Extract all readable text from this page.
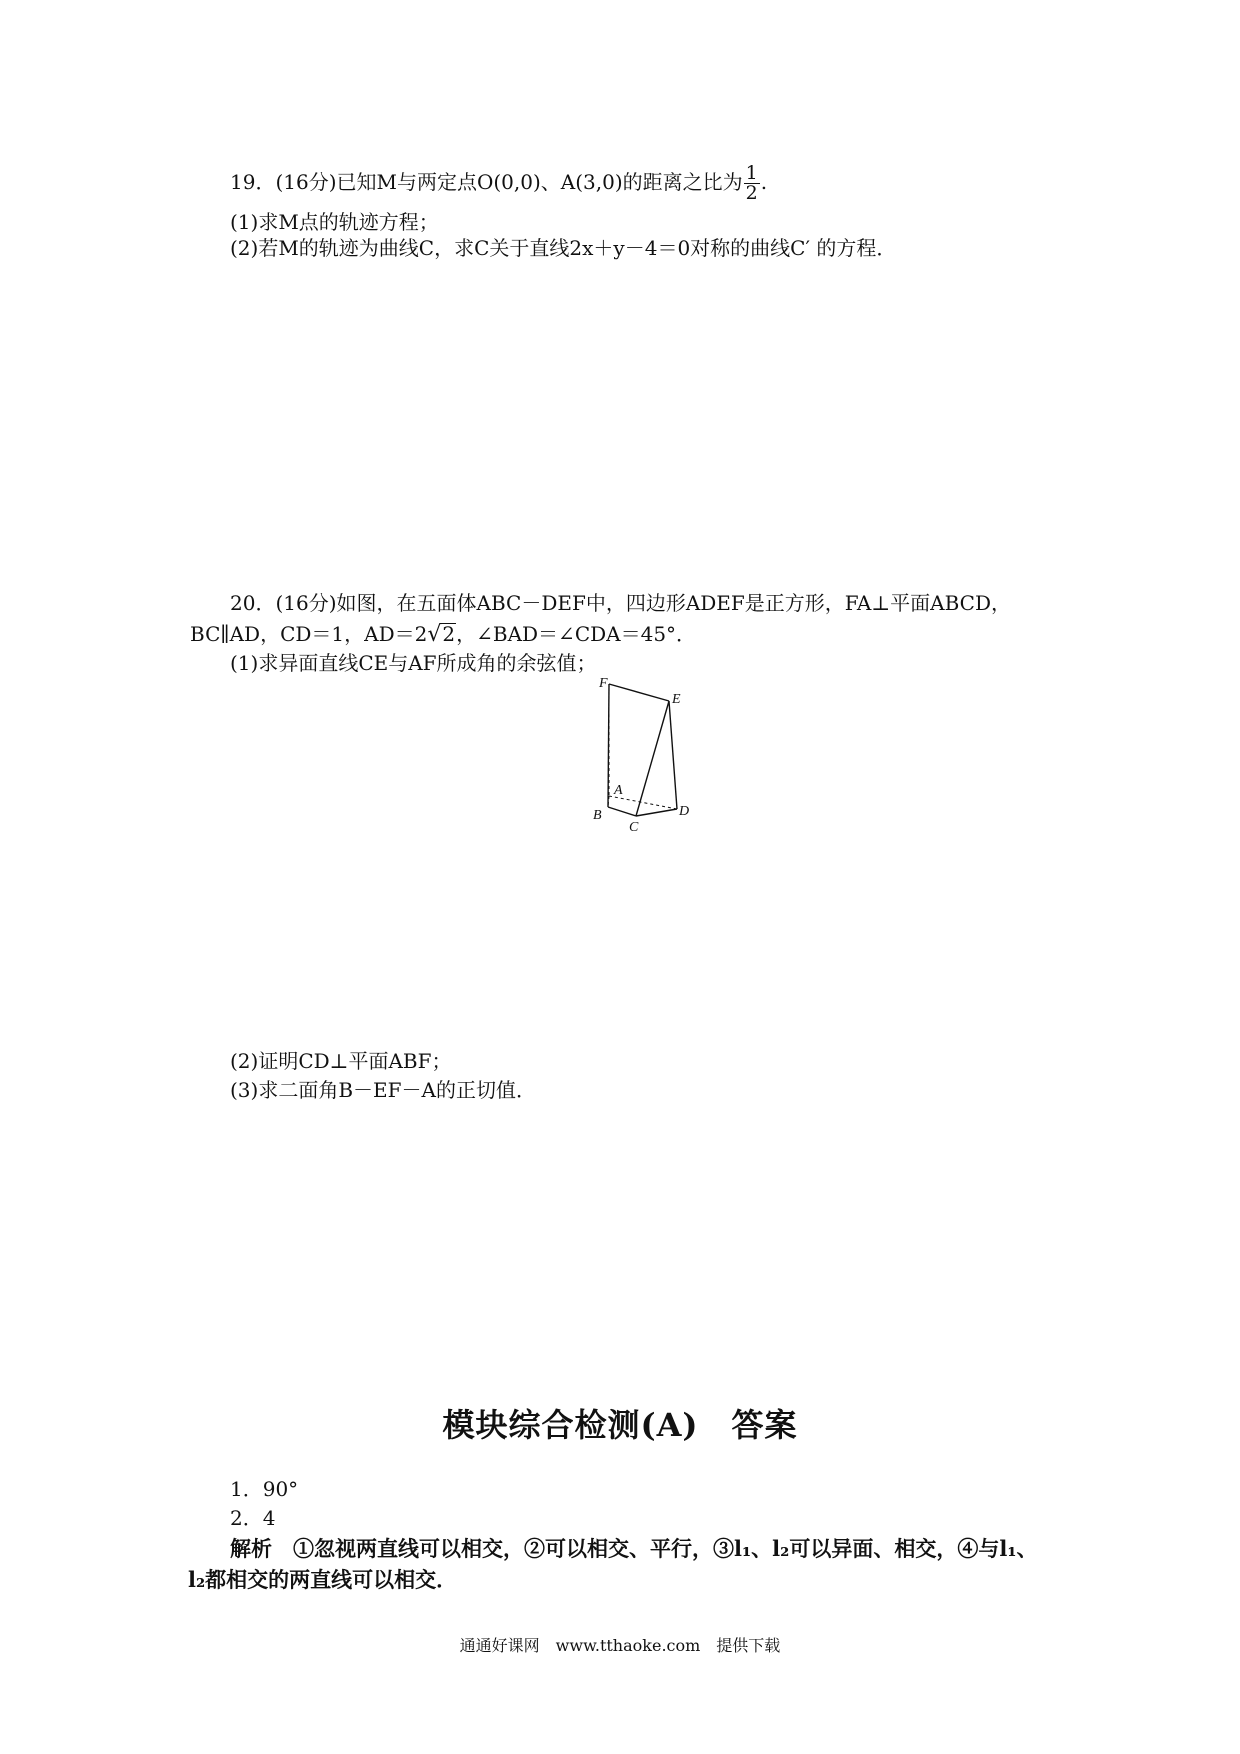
19．(16分)已知M与两定点O(0,0)、A(3,0)的距离之比为 $\frac{1}{2}$ .
(1)求M点的轨迹方程；
(2)若M的轨迹为曲线C，求C关于直线2x＋y－4＝0对称的曲线C′ 的方程．
20．(16分)如图，在五面体ABC－DEF中，四边形ADEF是正方形，FA⊥平面ABCD，
BC∥AD，CD＝1，AD＝2√2，∠BAD＝∠CDA＝45°．
(1)求异面直线CE与AF所成角的余弦值；
F
E
A
B
C
D
(2)证明CD⊥平面ABF；
(3)求二面角B－EF－A的正切值．
模块综合检测(A)　答案
1．90°
2．4
解析　①忽视两直线可以相交，②可以相交、平行，③l₁、l₂可以异面、相交，④与l₁、
l₂都相交的两直线可以相交．
通通好课网　www.tthaoke.com　提供下载
